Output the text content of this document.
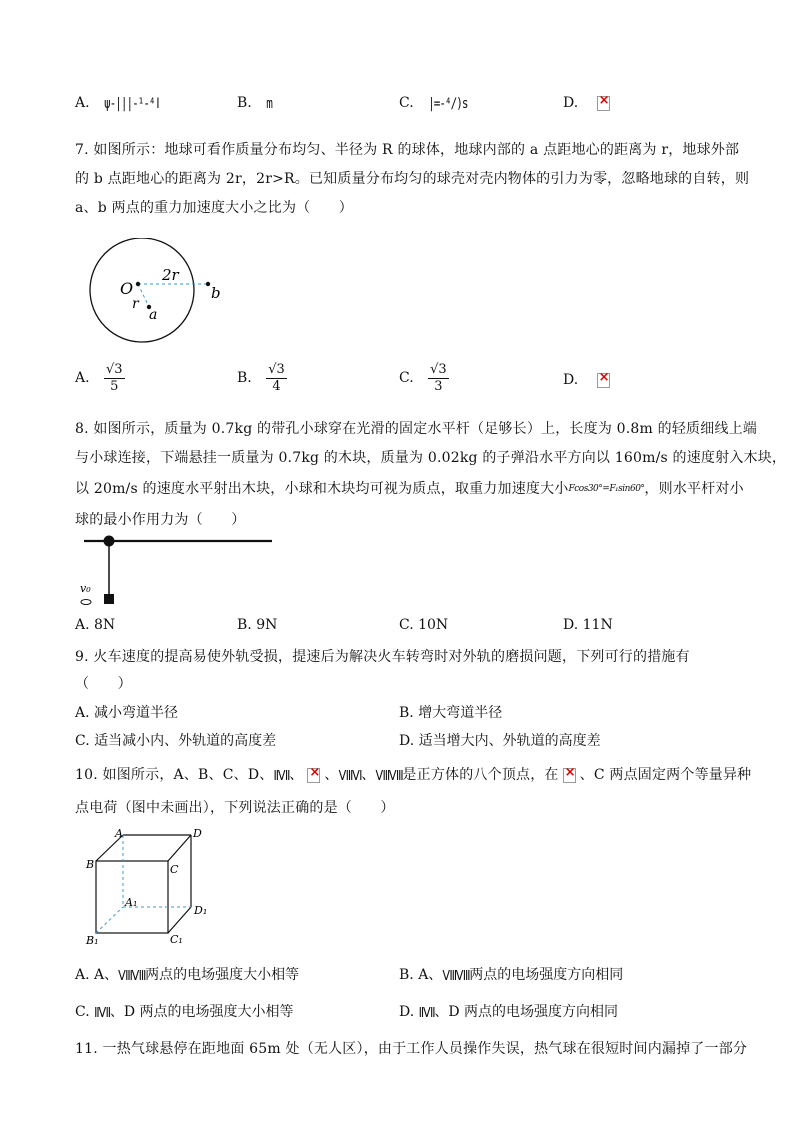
A. ψ-|||-¹-⁴ǀ	B. m	C. |=-⁴/)s	D. ×
7. 如图所示：地球可看作质量分布均匀、半径为 R 的球体，地球内部的 a 点距地心的距离为 r，地球外部
的 b 点距地心的距离为 2r，2r>R。已知质量分布均匀的球壳对壳内物体的引力为零，忽略地球的自转，则
a、b 两点的重力加速度大小之比为（　　）
O
2r
r
a
b
A. $\frac{√3}{5}$	B. $\frac{√3}{4}$	C. $\frac{√3}{3}$	D. ×
8. 如图所示，质量为 0.7kg 的带孔小球穿在光滑的固定水平杆（足够长）上，长度为 0.8m 的轻质细线上端
与小球连接，下端悬挂一质量为 0.7kg 的木块，质量为 0.02kg 的子弹沿水平方向以 160m/s 的速度射入木块，
以 20m/s 的速度水平射出木块，小球和木块均可视为质点，取重力加速度大小Fcos30°=F₁sin60°，则水平杆对小
球的最小作用力为（　　）
v₀
A. 8N	B. 9N	C. 10N	D. 11N
9. 火车速度的提高易使外轨受损，提速后为解决火车转弯时对外轨的磨损问题，下列可行的措施有
（　　）
A. 减小弯道半径	B. 增大弯道半径
C. 适当减小内、外轨道的高度差	D. 适当增大内、外轨道的高度差
10. 如图所示，A、B、C、D、ⅡⅦ、 × 、ⅧⅥ、ⅧⅧ是正方体的八个顶点，在 × 、C 两点固定两个等量异种
点电荷（图中未画出），下列说法正确的是（　　）
A	D
B	C
A₁
D₁
B₁	C₁
A. A、ⅧⅧ两点的电场强度大小相等	B. A、ⅧⅧ两点的电场强度方向相同
C. ⅡⅦ、D 两点的电场强度大小相等	D. ⅡⅦ、D 两点的电场强度方向相同
11. 一热气球悬停在距地面 65m 处（无人区），由于工作人员操作失误，热气球在很短时间内漏掉了一部分
